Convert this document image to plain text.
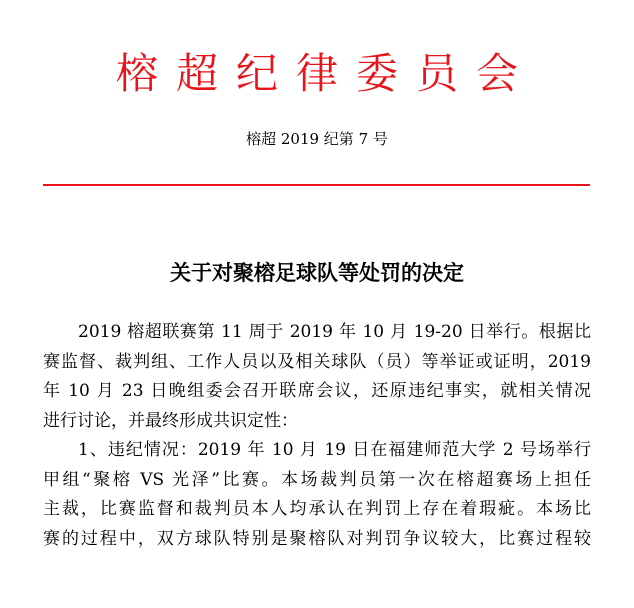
榕超纪律委员会
榕超 2019 纪第 7 号
关于对聚榕足球队等处罚的决定

2019 榕超联赛第 11 周于 2019 年 10 月 19-20 日举行。根据比
赛监督、裁判组、工作人员以及相关球队（员）等举证或证明，2019
年 10 月 23 日晚组委会召开联席会议，还原违纪事实，就相关情况
进行讨论，并最终形成共识定性：

1、违纪情况：2019 年 10 月 19 日在福建师范大学 2 号场举行
甲组“聚榕 VS 光泽”比赛。本场裁判员第一次在榕超赛场上担任
主裁，比赛监督和裁判员本人均承认在判罚上存在着瑕疵。本场比
赛的过程中，双方球队特别是聚榕队对判罚争议较大，比赛过程较
